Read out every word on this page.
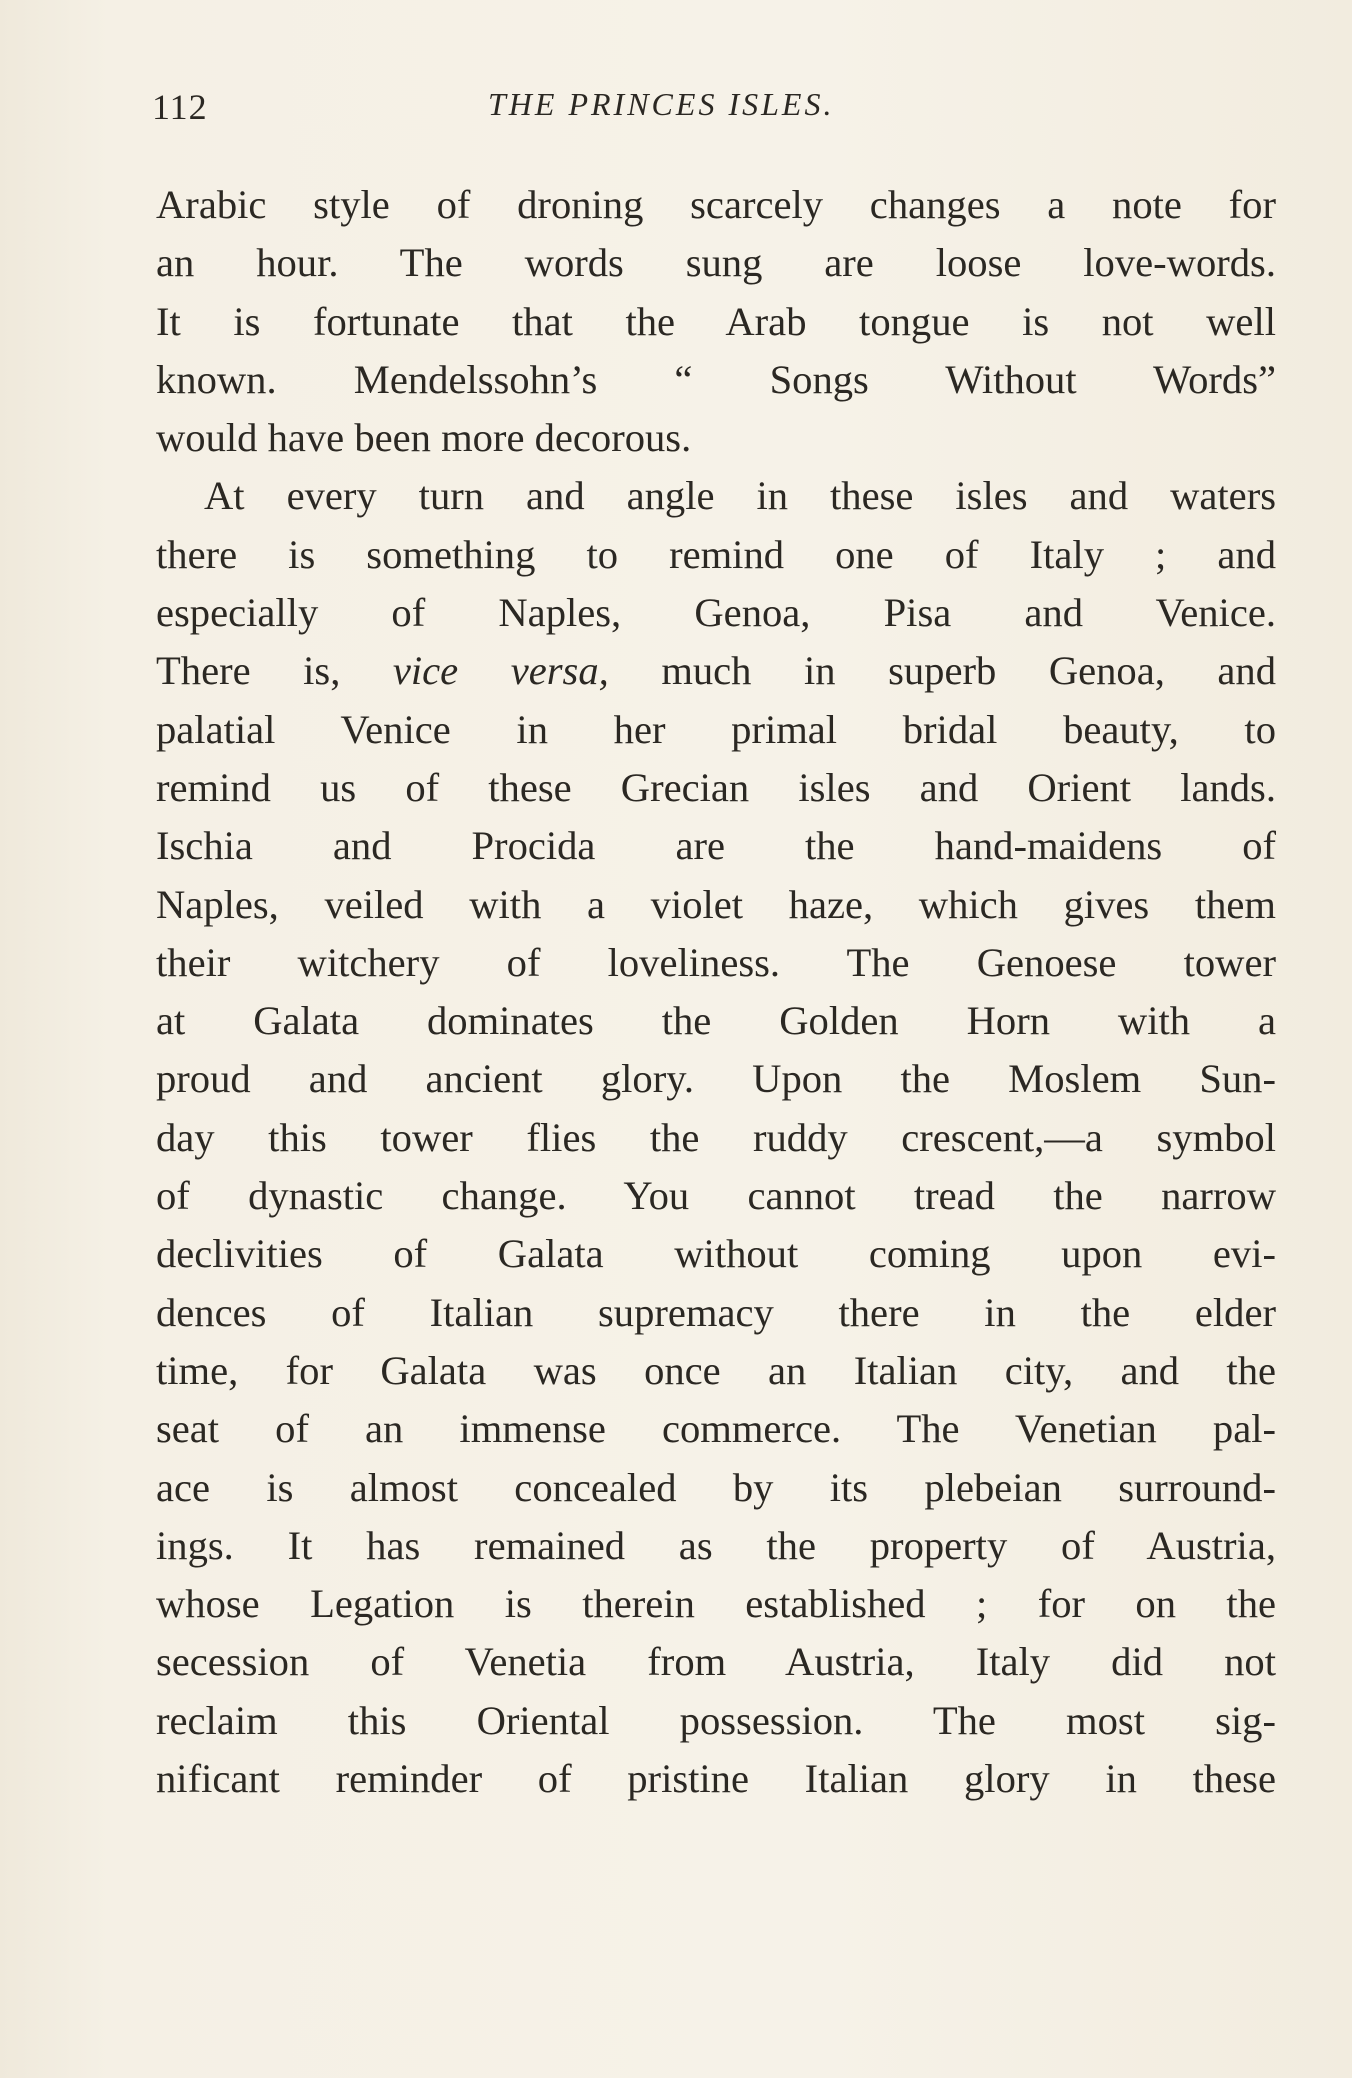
112	THE PRINCES ISLES.
Arabic style of droning scarcely changes a note for
an hour. The words sung are loose love-words.
It is fortunate that the Arab tongue is not well
known. Mendelssohn’s “ Songs Without Words”
would have been more decorous.
At every turn and angle in these isles and waters
there is something to remind one of Italy ; and
especially of Naples, Genoa, Pisa and Venice.
There is, vice versa, much in superb Genoa, and
palatial Venice in her primal bridal beauty, to
remind us of these Grecian isles and Orient lands.
Ischia and Procida are the hand-maidens of
Naples, veiled with a violet haze, which gives them
their witchery of loveliness. The Genoese tower
at Galata dominates the Golden Horn with a
proud and ancient glory. Upon the Moslem Sun-
day this tower flies the ruddy crescent,—a symbol
of dynastic change. You cannot tread the narrow
declivities of Galata without coming upon evi-
dences of Italian supremacy there in the elder
time, for Galata was once an Italian city, and the
seat of an immense commerce. The Venetian pal-
ace is almost concealed by its plebeian surround-
ings. It has remained as the property of Austria,
whose Legation is therein established ; for on the
secession of Venetia from Austria, Italy did not
reclaim this Oriental possession. The most sig-
nificant reminder of pristine Italian glory in these
